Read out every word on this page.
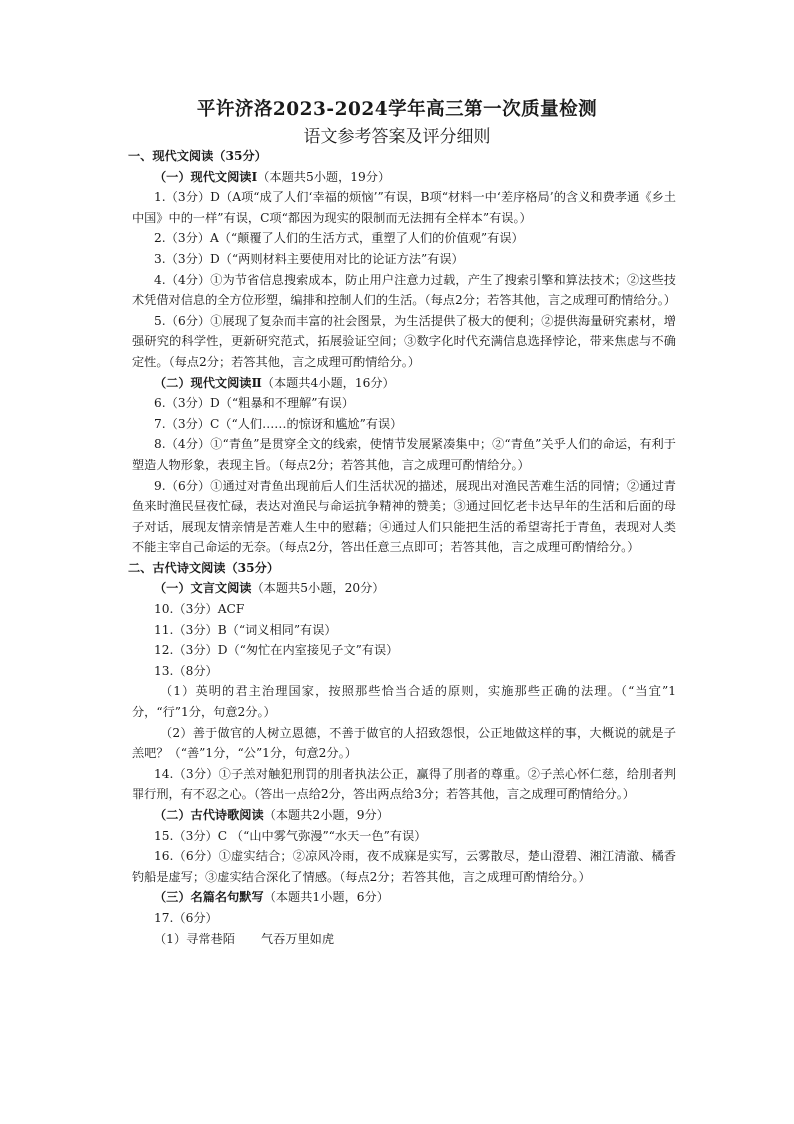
平许济洛2023-2024学年高三第一次质量检测
语文参考答案及评分细则
一、现代文阅读（35分）
（一）现代文阅读Ⅰ（本题共5小题，19分）
1.（3分）D（A项“成了人们‘幸福的烦恼’”有误，B项“材料一中‘差序格局’的含义和费孝通《乡土中国》中的一样”有误，C项“都因为现实的限制而无法拥有全样本”有误。）
2.（3分）A（“颠覆了人们的生活方式，重塑了人们的价值观”有误）
3.（3分）D（“两则材料主要使用对比的论证方法”有误）
4.（4分）①为节省信息搜索成本，防止用户注意力过载，产生了搜索引擎和算法技术；②这些技术凭借对信息的全方位形塑，编排和控制人们的生活。（每点2分；若答其他，言之成理可酌情给分。）
5.（6分）①展现了复杂而丰富的社会图景，为生活提供了极大的便利；②提供海量研究素材，增强研究的科学性，更新研究范式，拓展验证空间；③数字化时代充满信息选择悖论，带来焦虑与不确定性。（每点2分；若答其他，言之成理可酌情给分。）
（二）现代文阅读Ⅱ（本题共4小题，16分）
6.（3分）D（“粗暴和不理解”有误）
7.（3分）C（“人们……的惊讶和尴尬”有误）
8.（4分）①“青鱼”是贯穿全文的线索，使情节发展紧凑集中；②“青鱼”关乎人们的命运，有利于塑造人物形象，表现主旨。（每点2分；若答其他，言之成理可酌情给分。）
9.（6分）①通过对青鱼出现前后人们生活状况的描述，展现出对渔民苦难生活的同情；②通过青鱼来时渔民昼夜忙碌，表达对渔民与命运抗争精神的赞美；③通过回忆老卡达早年的生活和后面的母子对话，展现友情亲情是苦难人生中的慰藉；④通过人们只能把生活的希望寄托于青鱼，表现对人类不能主宰自己命运的无奈。（每点2分，答出任意三点即可；若答其他，言之成理可酌情给分。）
二、古代诗文阅读（35分）
（一）文言文阅读（本题共5小题，20分）
10.（3分）ACF
11.（3分）B（“词义相同”有误）
12.（3分）D（“匆忙在内室接见子文”有误）
13.（8分）
（1）英明的君主治理国家，按照那些恰当合适的原则，实施那些正确的法理。（“当宜”1分，“行”1分，句意2分。）
（2）善于做官的人树立恩德，不善于做官的人招致怨恨，公正地做这样的事，大概说的就是子羔吧？（“善”1分，“公”1分，句意2分。）
14.（3分）①子羔对触犯刑罚的刖者执法公正，赢得了刖者的尊重。②子羔心怀仁慈，给刖者判罪行刑，有不忍之心。（答出一点给2分，答出两点给3分；若答其他，言之成理可酌情给分。）
（二）古代诗歌阅读（本题共2小题，9分）
15.（3分）C （“山中雾气弥漫”“水天一色”有误）
16.（6分）①虚实结合；②凉风冷雨，夜不成寐是实写，云雾散尽，楚山澄碧、湘江清澈、橘香钓船是虚写；③虚实结合深化了情感。（每点2分；若答其他，言之成理可酌情给分。）
（三）名篇名句默写（本题共1小题，6分）
17.（6分）
（1）寻常巷陌 气吞万里如虎
